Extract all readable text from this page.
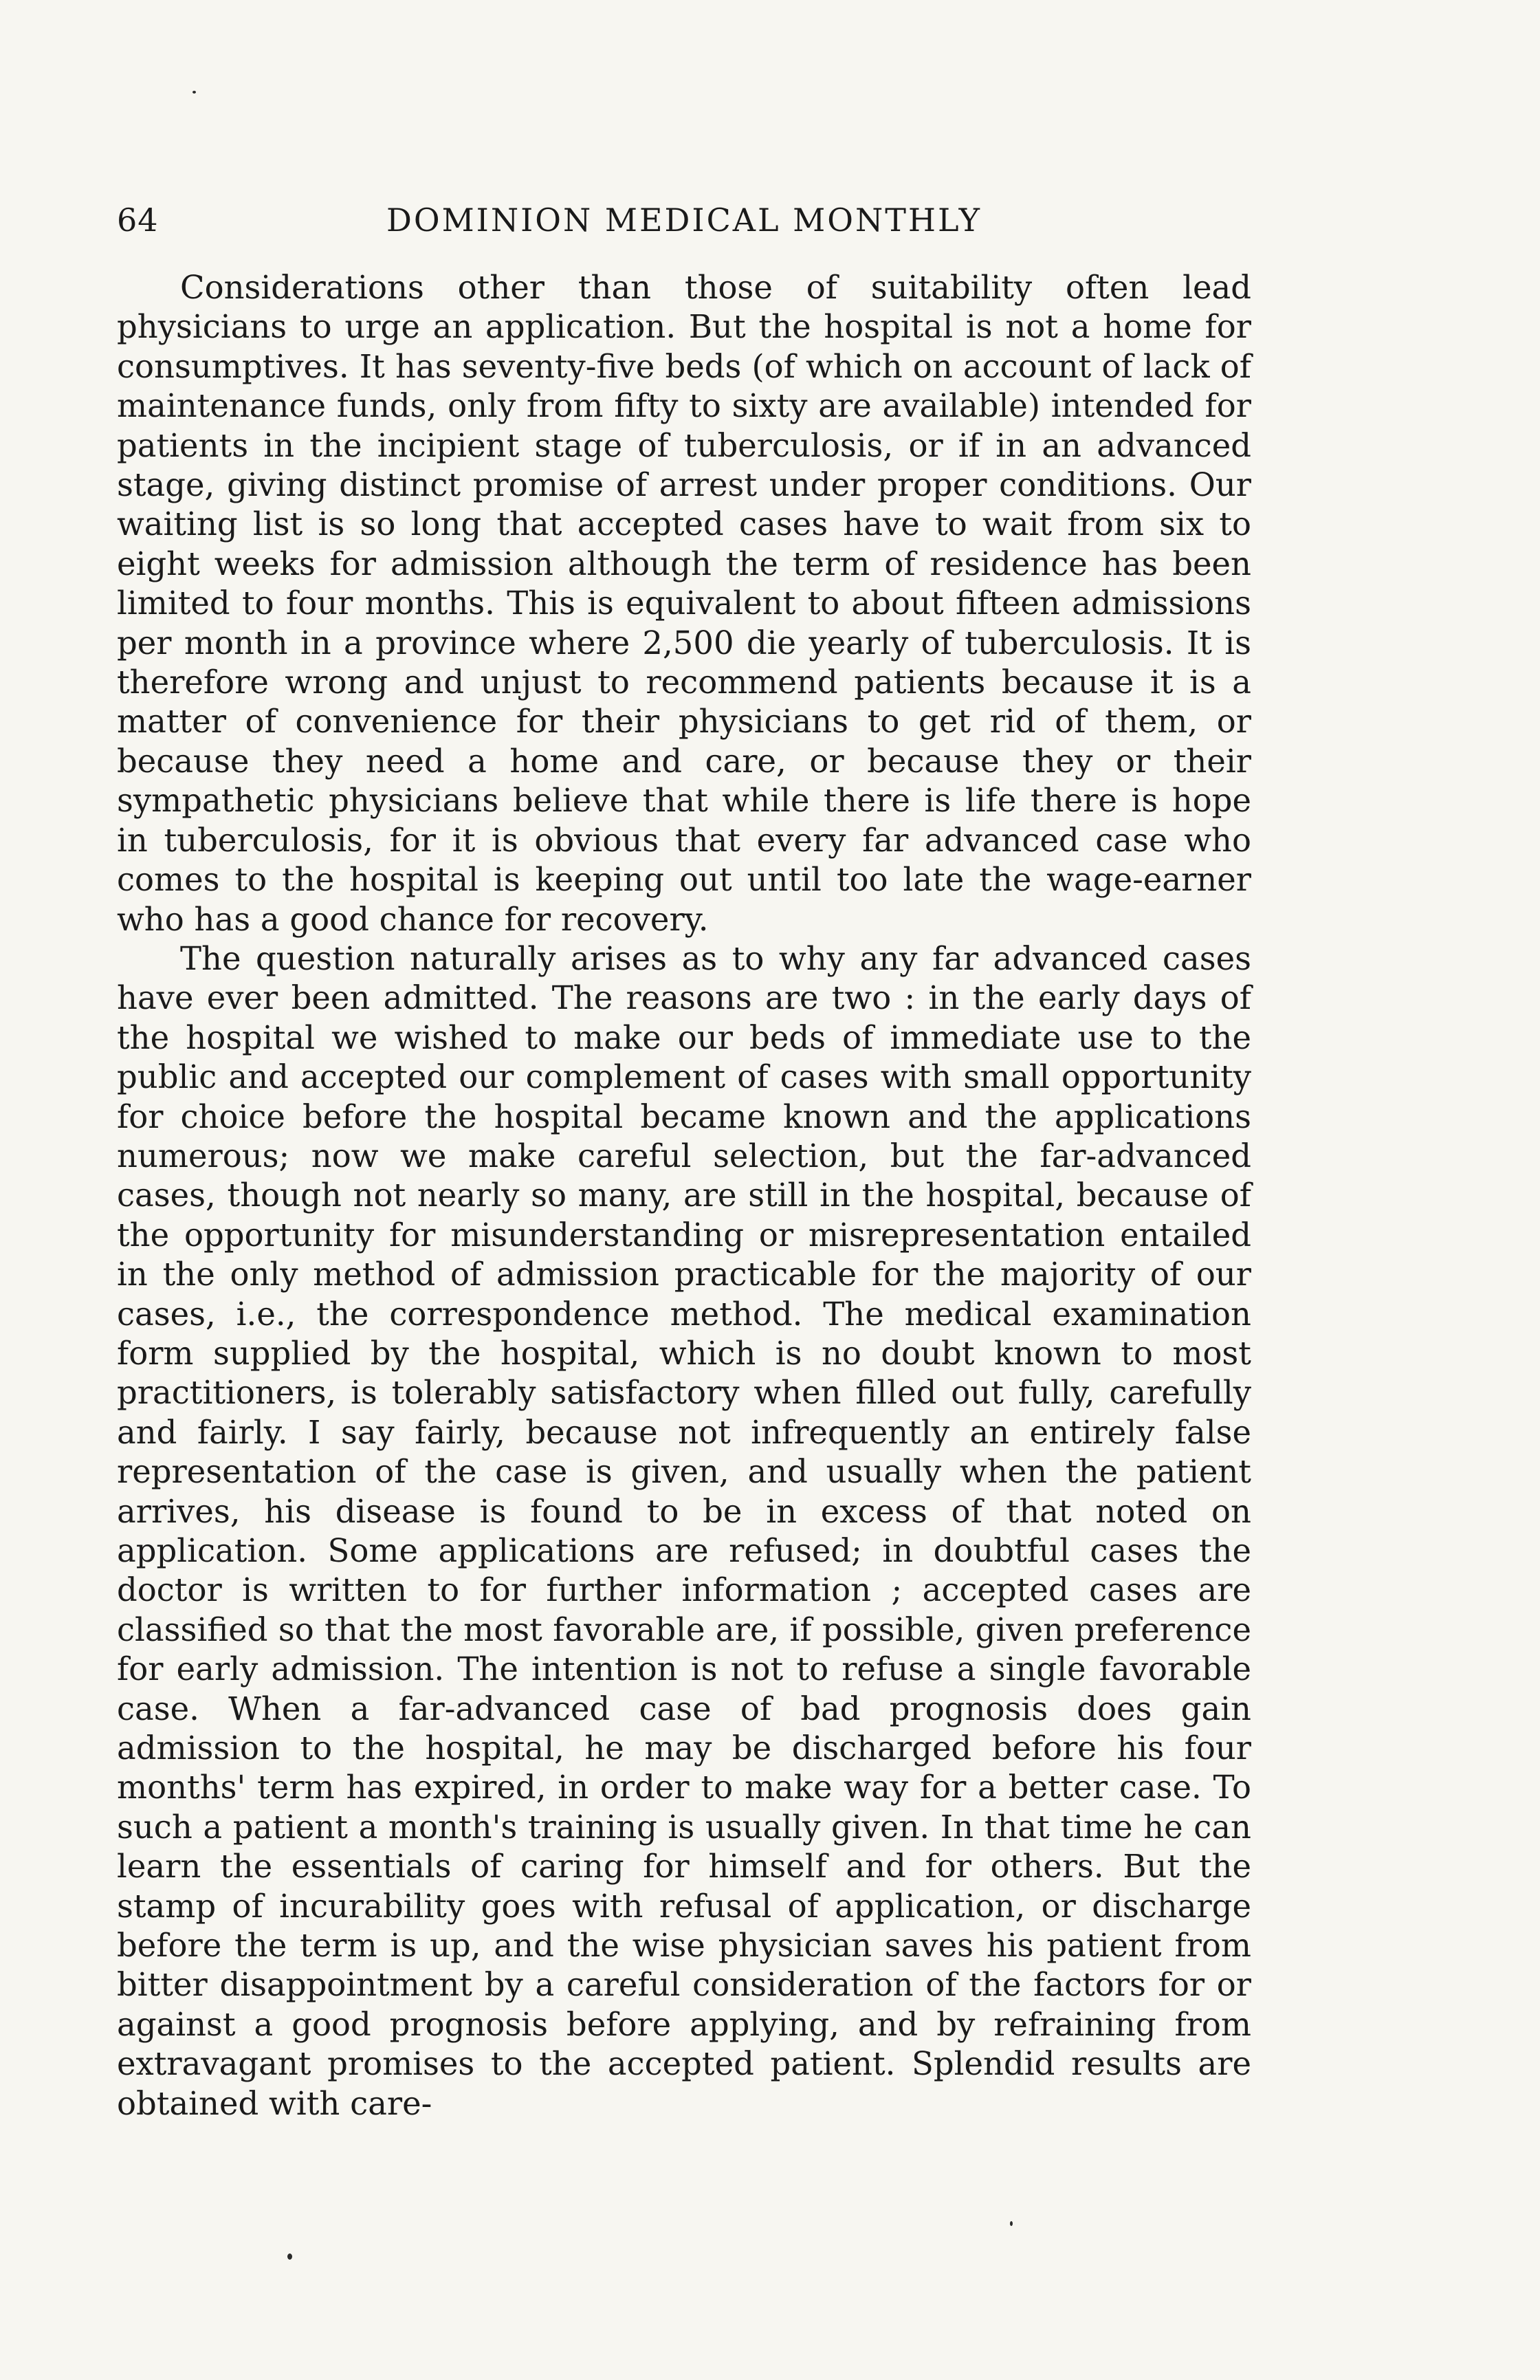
64	DOMINION MEDICAL MONTHLY

Considerations other than those of suitability often lead physicians to urge an application. But the hospital is not a home for consumptives. It has seventy-five beds (of which on account of lack of maintenance funds, only from fifty to sixty are available) intended for patients in the incipient stage of tuberculosis, or if in an advanced stage, giving distinct promise of arrest under proper conditions. Our waiting list is so long that accepted cases have to wait from six to eight weeks for admission although the term of residence has been limited to four months. This is equivalent to about fifteen admissions per month in a province where 2,500 die yearly of tuberculosis. It is therefore wrong and unjust to recommend patients because it is a matter of convenience for their physicians to get rid of them, or because they need a home and care, or because they or their sympathetic physicians believe that while there is life there is hope in tuberculosis, for it is obvious that every far advanced case who comes to the hospital is keeping out until too late the wage-earner who has a good chance for recovery.

The question naturally arises as to why any far advanced cases have ever been admitted. The reasons are two : in the early days of the hospital we wished to make our beds of immediate use to the public and accepted our complement of cases with small opportunity for choice before the hospital became known and the applications numerous; now we make careful selection, but the far-advanced cases, though not nearly so many, are still in the hospital, because of the opportunity for misunderstanding or misrepresentation entailed in the only method of admission practicable for the majority of our cases, i.e., the correspondence method. The medical examination form supplied by the hospital, which is no doubt known to most practitioners, is tolerably satisfactory when filled out fully, carefully and fairly. I say fairly, because not infrequently an entirely false representation of the case is given, and usually when the patient arrives, his disease is found to be in excess of that noted on application. Some applications are refused; in doubtful cases the doctor is written to for further information ; accepted cases are classified so that the most favorable are, if possible, given preference for early admission. The intention is not to refuse a single favorable case. When a far-advanced case of bad prognosis does gain admission to the hospital, he may be discharged before his four months' term has expired, in order to make way for a better case. To such a patient a month's training is usually given. In that time he can learn the essentials of caring for himself and for others. But the stamp of incurability goes with refusal of application, or discharge before the term is up, and the wise physician saves his patient from bitter disappointment by a careful consideration of the factors for or against a good prognosis before applying, and by refraining from extravagant promises to the accepted patient. Splendid results are obtained with care-
